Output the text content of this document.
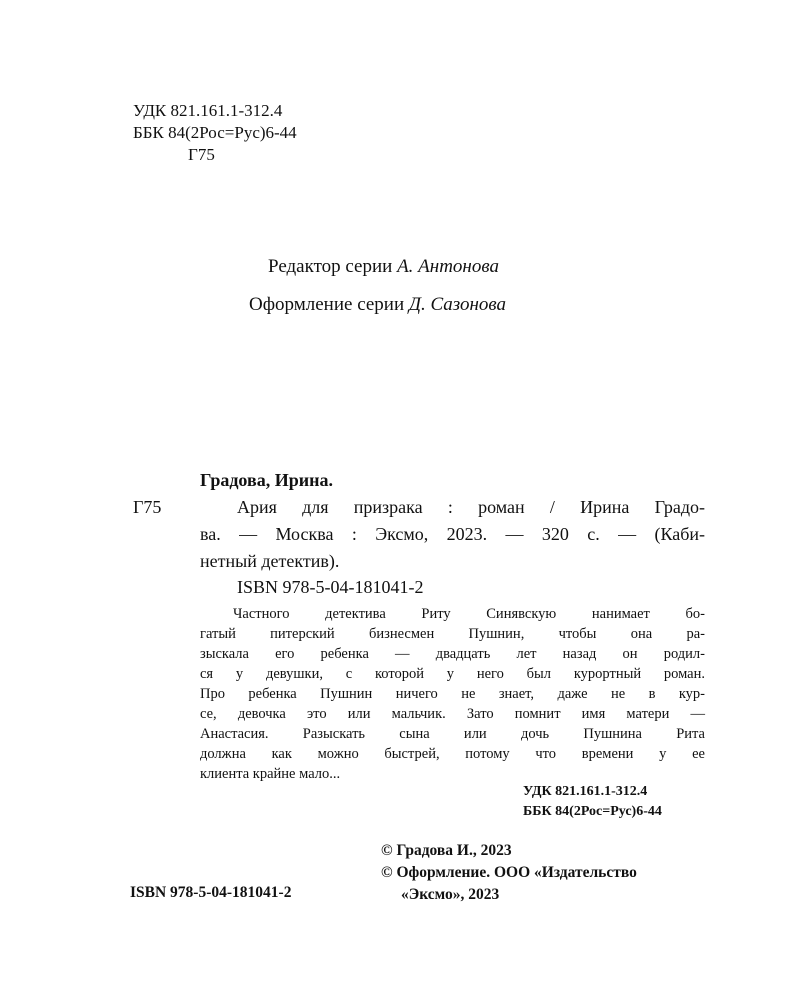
УДК 821.161.1-312.4
ББК 84(2Рос=Рус)6-44
Г75
Редактор серии А. Антонова
Оформление серии Д. Сазонова
Градова, Ирина.
Г75	Ария для призрака : роман / Ирина Градо-
ва. — Москва : Эксмо, 2023. — 320 с. — (Каби-
нетный детектив).
ISBN 978-5-04-181041-2
Частного детектива Риту Синявскую нанимает бо-
гатый питерский бизнесмен Пушнин, чтобы она ра-
зыскала его ребенка — двадцать лет назад он родил-
ся у девушки, с которой у него был курортный роман.
Про ребенка Пушнин ничего не знает, даже не в кур-
се, девочка это или мальчик. Зато помнит имя матери —
Анастасия. Разыскать сына или дочь Пушнина Рита
должна как можно быстрей, потому что времени у ее
клиента крайне мало...
УДК 821.161.1-312.4
ББК 84(2Рос=Рус)6-44
ISBN 978-5-04-181041-2
© Градова И., 2023
© Оформление. ООО «Издательство
«Эксмо», 2023
